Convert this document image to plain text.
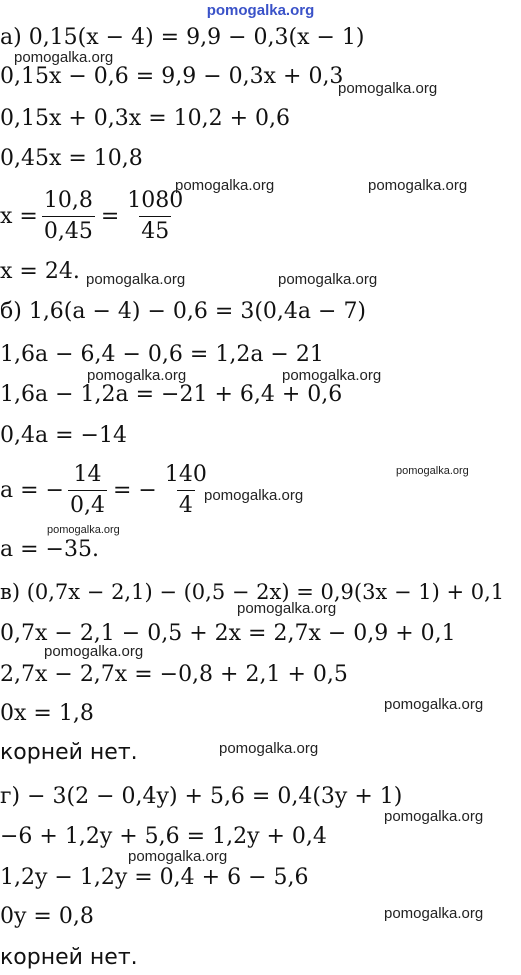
pomogalka.org
а) 0,15(x − 4) = 9,9 − 0,3(x − 1)
0,15x − 0,6 = 9,9 − 0,3x + 0,3
0,15x + 0,3x = 10,2 + 0,6
0,45x = 10,8
$x = \frac{10,8}{0,45} = \frac{1080}{45}$
x = 24.
б) 1,6(a − 4) − 0,6 = 3(0,4a − 7)
1,6a − 6,4 − 0,6 = 1,2a − 21
1,6a − 1,2a = −21 + 6,4 + 0,6
0,4a = −14
a = − $\frac{14}{0,4}$ = − $\frac{140}{4}$
a = −35.
в) (0,7x − 2,1) − (0,5 − 2x) = 0,9(3x − 1) + 0,1
0,7x − 2,1 − 0,5 + 2x = 2,7x − 0,9 + 0,1
2,7x − 2,7x = −0,8 + 2,1 + 0,5
0x = 1,8
корней нет.
г) − 3(2 − 0,4y) + 5,6 = 0,4(3y + 1)
−6 + 1,2y + 5,6 = 1,2y + 0,4
1,2y − 1,2y = 0,4 + 6 − 5,6
0y = 0,8
корней нет.
pomogalka.org
pomogalka.org
pomogalka.org	pomogalka.org
pomogalka.org	pomogalka.org
pomogalka.org	pomogalka.org
pomogalka.org
pomogalka.org
pomogalka.org
pomogalka.org
pomogalka.org
pomogalka.org
pomogalka.org
pomogalka.org
pomogalka.org
pomogalka.org
